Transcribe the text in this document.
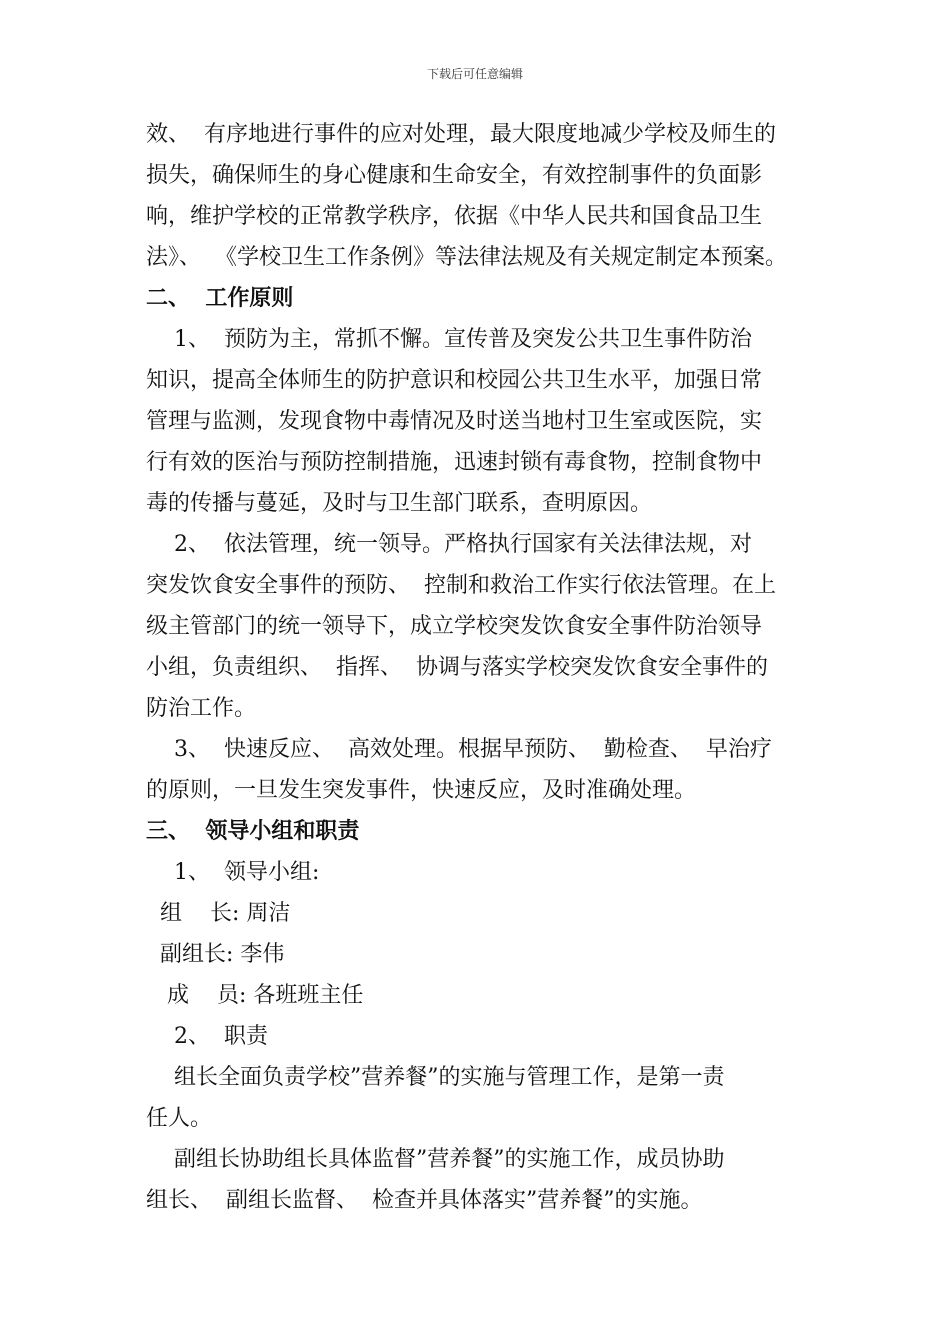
下载后可任意编辑
效、  有序地进行事件的应对处理，最大限度地减少学校及师生的
损失，确保师生的身心健康和生命安全，有效控制事件的负面影
响，维护学校的正常教学秩序，依据《中华人民共和国食品卫生
法》、  《学校卫生工作条例》等法律法规及有关规定制定本预案。
二、  工作原则
1、  预防为主，常抓不懈。宣传普及突发公共卫生事件防治
知识，提高全体师生的防护意识和校园公共卫生水平，加强日常
管理与监测，发现食物中毒情况及时送当地村卫生室或医院，实
行有效的医治与预防控制措施，迅速封锁有毒食物，控制食物中
毒的传播与蔓延，及时与卫生部门联系，查明原因。
2、  依法管理，统一领导。严格执行国家有关法律法规，对
突发饮食安全事件的预防、  控制和救治工作实行依法管理。在上
级主管部门的统一领导下，成立学校突发饮食安全事件防治领导
小组，负责组织、  指挥、  协调与落实学校突发饮食安全事件的
防治工作。
3、  快速反应、  高效处理。根据早预防、  勤检查、  早治疗
的原则，一旦发生突发事件，快速反应，及时准确处理。
三、  领导小组和职责
1、  领导小组:
组    长: 周洁
副组长: 李伟
成    员: 各班班主任
2、  职责
组长全面负责学校”营养餐”的实施与管理工作，是第一责
任人。
副组长协助组长具体监督”营养餐”的实施工作，成员协助
组长、  副组长监督、  检查并具体落实”营养餐”的实施。
